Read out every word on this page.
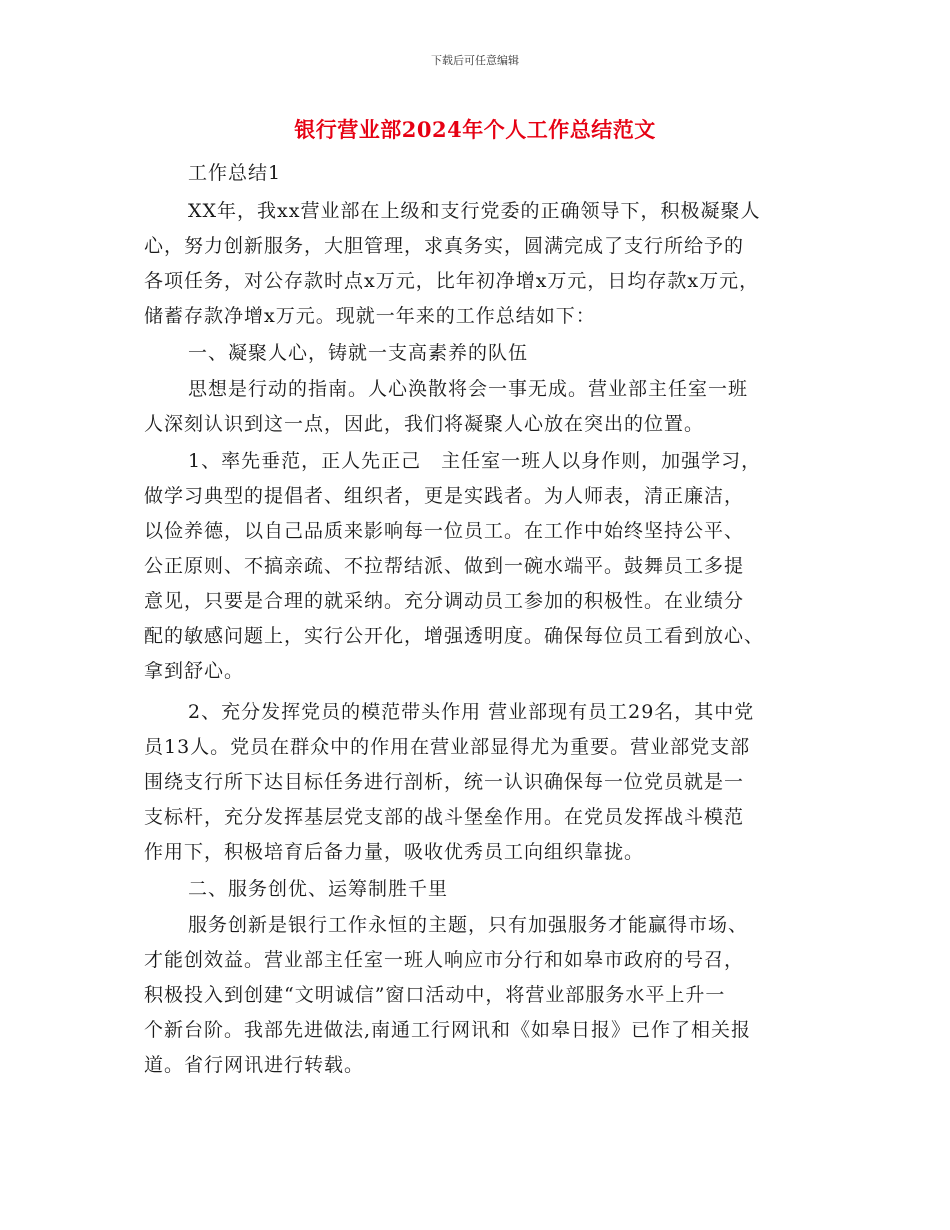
下载后可任意编辑
银行营业部2024年个人工作总结范文
工作总结1
XX年，我xx营业部在上级和支行党委的正确领导下，积极凝聚人
心，努力创新服务，大胆管理，求真务实，圆满完成了支行所给予的
各项任务，对公存款时点x万元，比年初净增x万元，日均存款x万元，
储蓄存款净增x万元。现就一年来的工作总结如下：
一、凝聚人心，铸就一支高素养的队伍
思想是行动的指南。人心涣散将会一事无成。营业部主任室一班
人深刻认识到这一点，因此，我们将凝聚人心放在突出的位置。
1、率先垂范，正人先正己　主任室一班人以身作则，加强学习，
做学习典型的提倡者、组织者，更是实践者。为人师表，清正廉洁，
以俭养德，以自己品质来影响每一位员工。在工作中始终坚持公平、
公正原则、不搞亲疏、不拉帮结派、做到一碗水端平。鼓舞员工多提
意见，只要是合理的就采纳。充分调动员工参加的积极性。在业绩分
配的敏感问题上，实行公开化，增强透明度。确保每位员工看到放心、
拿到舒心。
2、充分发挥党员的模范带头作用 营业部现有员工29名，其中党
员13人。党员在群众中的作用在营业部显得尤为重要。营业部党支部
围绕支行所下达目标任务进行剖析，统一认识确保每一位党员就是一
支标杆，充分发挥基层党支部的战斗堡垒作用。在党员发挥战斗模范
作用下，积极培育后备力量，吸收优秀员工向组织靠拢。
二、服务创优、运筹制胜千里
服务创新是银行工作永恒的主题，只有加强服务才能赢得市场、
才能创效益。营业部主任室一班人响应市分行和如皋市政府的号召，
积极投入到创建“文明诚信”窗口活动中，将营业部服务水平上升一
个新台阶。我部先进做法,南通工行网讯和《如皋日报》已作了相关报
道。省行网讯进行转载。
